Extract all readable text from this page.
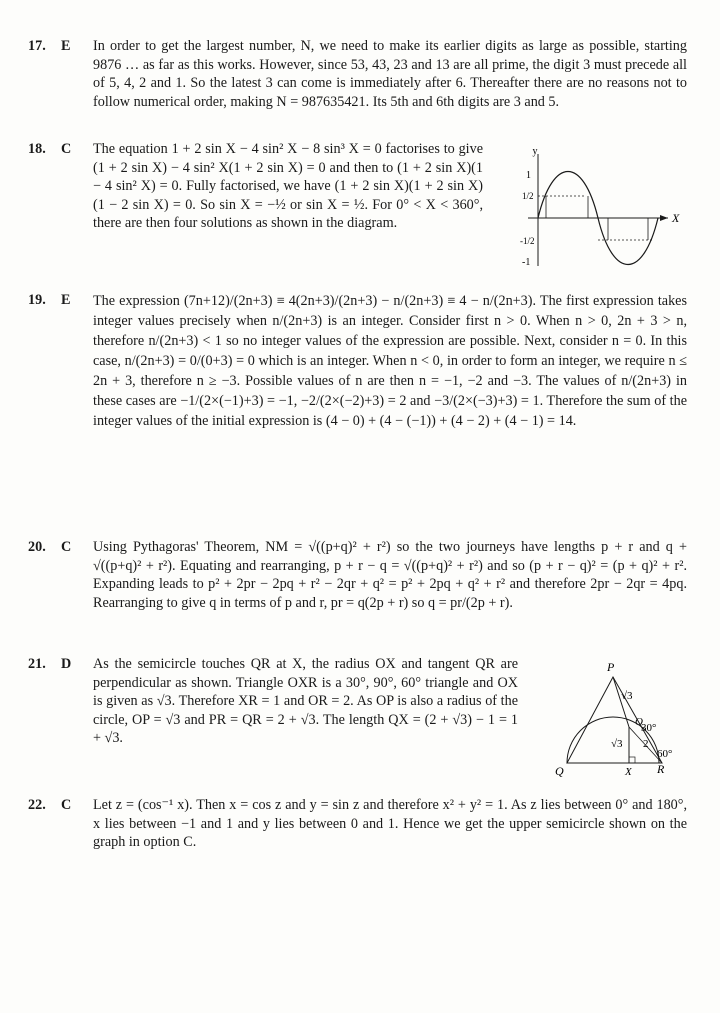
17. E In order to get the largest number, N, we need to make its earlier digits as large as possible, starting 9876 … as far as this works. However, since 53, 43, 23 and 13 are all prime, the digit 3 must precede all of 5, 4, 2 and 1. So the latest 3 can come is immediately after 6. Thereafter there are no reasons not to follow numerical order, making N = 987635421. Its 5th and 6th digits are 3 and 5.
18. C The equation 1 + 2 sin X − 4 sin² X − 8 sin³ X = 0 factorises to give (1 + 2 sin X) − 4 sin² X(1 + 2 sin X) = 0 and then to (1 + 2 sin X)(1 − 4 sin² X) = 0. Fully factorised, we have (1 + 2 sin X)(1 + 2 sin X)(1 − 2 sin X) = 0. So sin X = −½ or sin X = ½. For 0° < X < 360°, there are then four solutions as shown in the diagram.
y
X
1
1/2
-1/2
-1
19. E The expression (7n+12)/(2n+3) ≡ 4(2n+3)/(2n+3) − n/(2n+3) ≡ 4 − n/(2n+3). The first expression takes integer values precisely when n/(2n+3) is an integer. Consider first n > 0. When n > 0, 2n + 3 > n, therefore n/(2n+3) < 1 so no integer values of the expression are possible. Next, consider n = 0. In this case, n/(2n+3) = 0/(0+3) = 0 which is an integer. When n < 0, in order to form an integer, we require n ≤ 2n + 3, therefore n ≥ −3. Possible values of n are then n = −1, −2 and −3. The values of n/(2n+3) in these cases are −1/(2×(−1)+3) = −1, −2/(2×(−2)+3) = 2 and −3/(2×(−3)+3) = 1. Therefore the sum of the integer values of the initial expression is (4 − 0) + (4 − (−1)) + (4 − 2) + (4 − 1) = 14.
20. C Using Pythagoras' Theorem, NM = √((p+q)² + r²) so the two journeys have lengths p + r and q + √((p+q)² + r²). Equating and rearranging, p + r − q = √((p+q)² + r²) and so (p + r − q)² = (p + q)² + r². Expanding leads to p² + 2pr − 2pq + r² − 2qr + q² = p² + 2pq + q² + r² and therefore 2pr − 2qr = 4pq. Rearranging to give q in terms of p and r, pr = q(2p + r) so q = pr/(2p + r).
21. D As the semicircle touches QR at X, the radius OX and tangent QR are perpendicular as shown. Triangle OXR is a 30°, 90°, 60° triangle and OX is given as √3. Therefore XR = 1 and OR = 2. As OP is also a radius of the circle, OP = √3 and PR = QR = 2 + √3. The length QX = (2 + √3) − 1 = 1 + √3.
P
Q	R
O
X
√3
√3 2
30°
60°
22. C Let z = (cos⁻¹ x). Then x = cos z and y = sin z and therefore x² + y² = 1. As z lies between 0° and 180°, x lies between −1 and 1 and y lies between 0 and 1. Hence we get the upper semicircle shown on the graph in option C.
